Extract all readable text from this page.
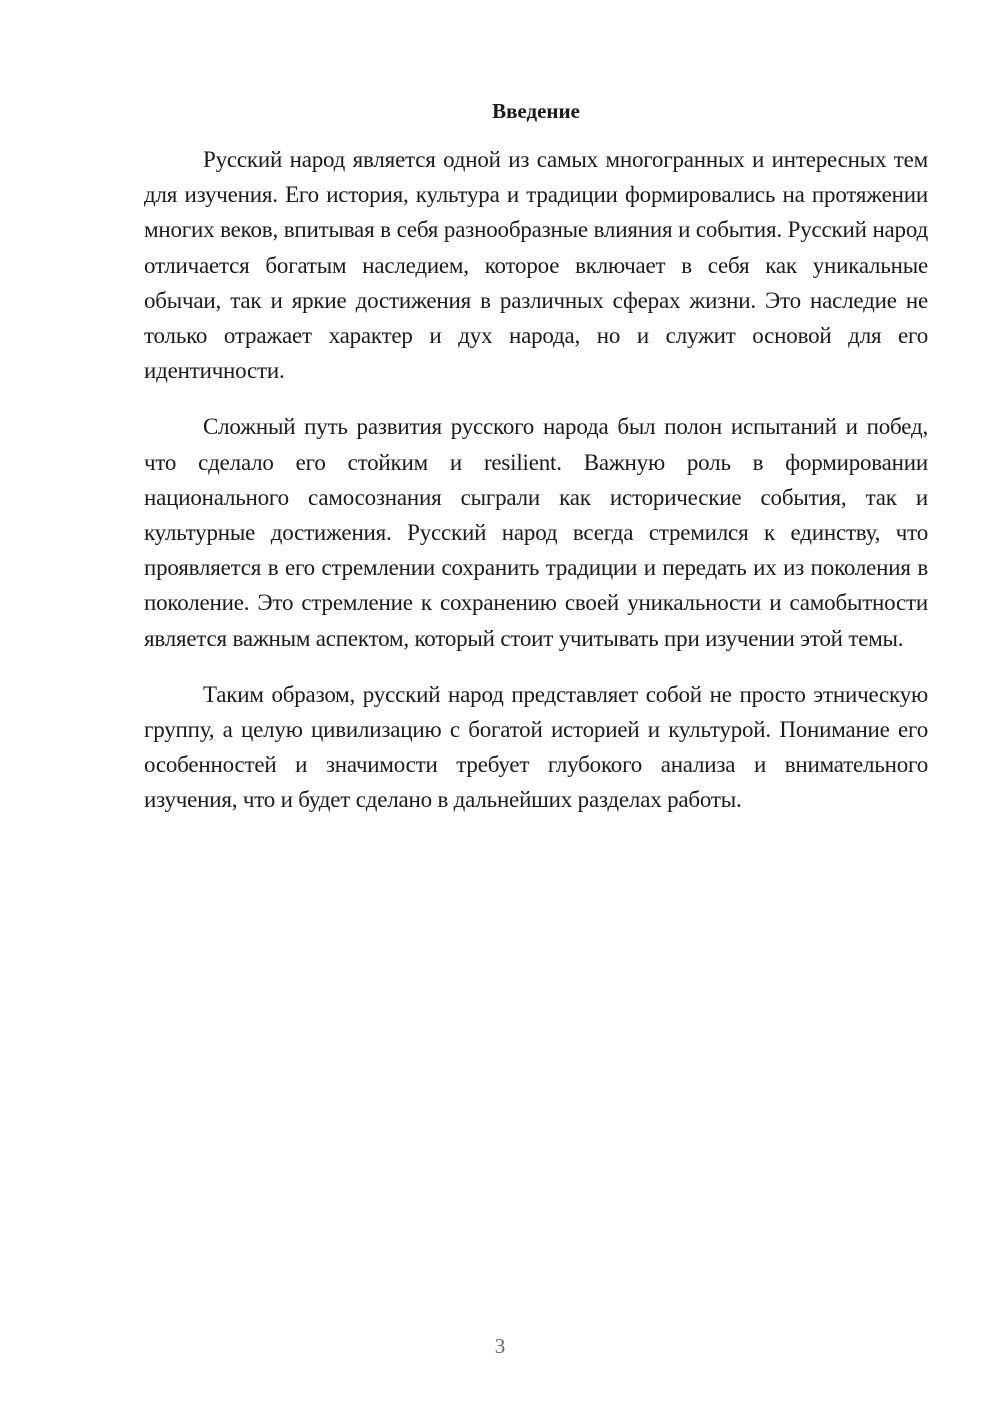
Введение

Русский народ является одной из самых многогранных и интересных тем для изучения. Его история, культура и традиции формировались на протяжении многих веков, впитывая в себя разнообразные влияния и события. Русский народ отличается богатым наследием, которое включает в себя как уникальные обычаи, так и яркие достижения в различных сферах жизни. Это наследие не только отражает характер и дух народа, но и служит основой для его идентичности.

Сложный путь развития русского народа был полон испытаний и побед, что сделало его стойким и resilient. Важную роль в формировании национального самосознания сыграли как исторические события, так и культурные достижения. Русский народ всегда стремился к единству, что проявляется в его стремлении сохранить традиции и передать их из поколения в поколение. Это стремление к сохранению своей уникальности и самобытности является важным аспектом, который стоит учитывать при изучении этой темы.

Таким образом, русский народ представляет собой не просто этническую группу, а целую цивилизацию с богатой историей и культурой. Понимание его особенностей и значимости требует глубокого анализа и внимательного изучения, что и будет сделано в дальнейших разделах работы.

3
